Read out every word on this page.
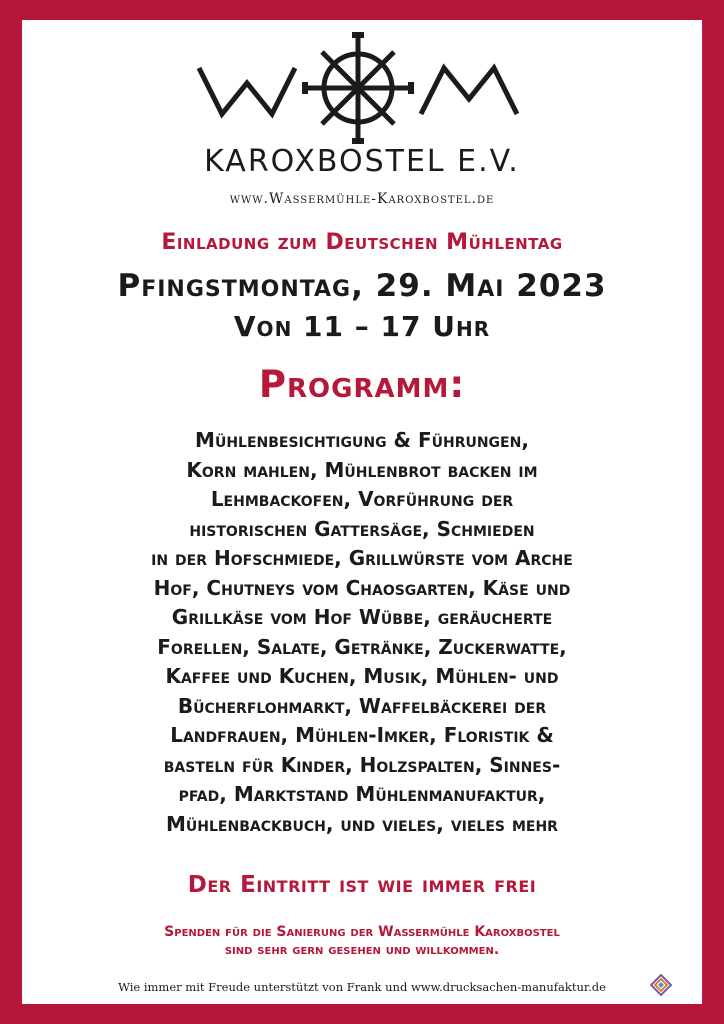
KAROXBOSTEL E.V.
www.Wassermühle-Karoxbostel.de
Einladung zum Deutschen Mühlentag
Pfingstmontag, 29. Mai 2023
Von 11 – 17 Uhr
Programm:
Mühlenbesichtigung & Führungen,
Korn mahlen, Mühlenbrot backen im
Lehmbackofen, Vorführung der
historischen Gattersäge, Schmieden
in der Hofschmiede, Grillwürste vom Arche
Hof, Chutneys vom Chaosgarten, Käse und
Grillkäse vom Hof Wübbe, geräucherte
Forellen, Salate, Getränke, Zuckerwatte,
Kaffee und Kuchen, Musik, Mühlen- und
Bücherflohmarkt, Waffelbäckerei der
Landfrauen, Mühlen-Imker, Floristik &
basteln für Kinder, Holzspalten, Sinnes-
pfad, Marktstand Mühlenmanufaktur,
Mühlenbackbuch, und vieles, vieles mehr
Der Eintritt ist wie immer frei
Spenden für die Sanierung der Wassermühle Karoxbostel
sind sehr gern gesehen und willkommen.
Wie immer mit Freude unterstützt von Frank und www.drucksachen-manufaktur.de
